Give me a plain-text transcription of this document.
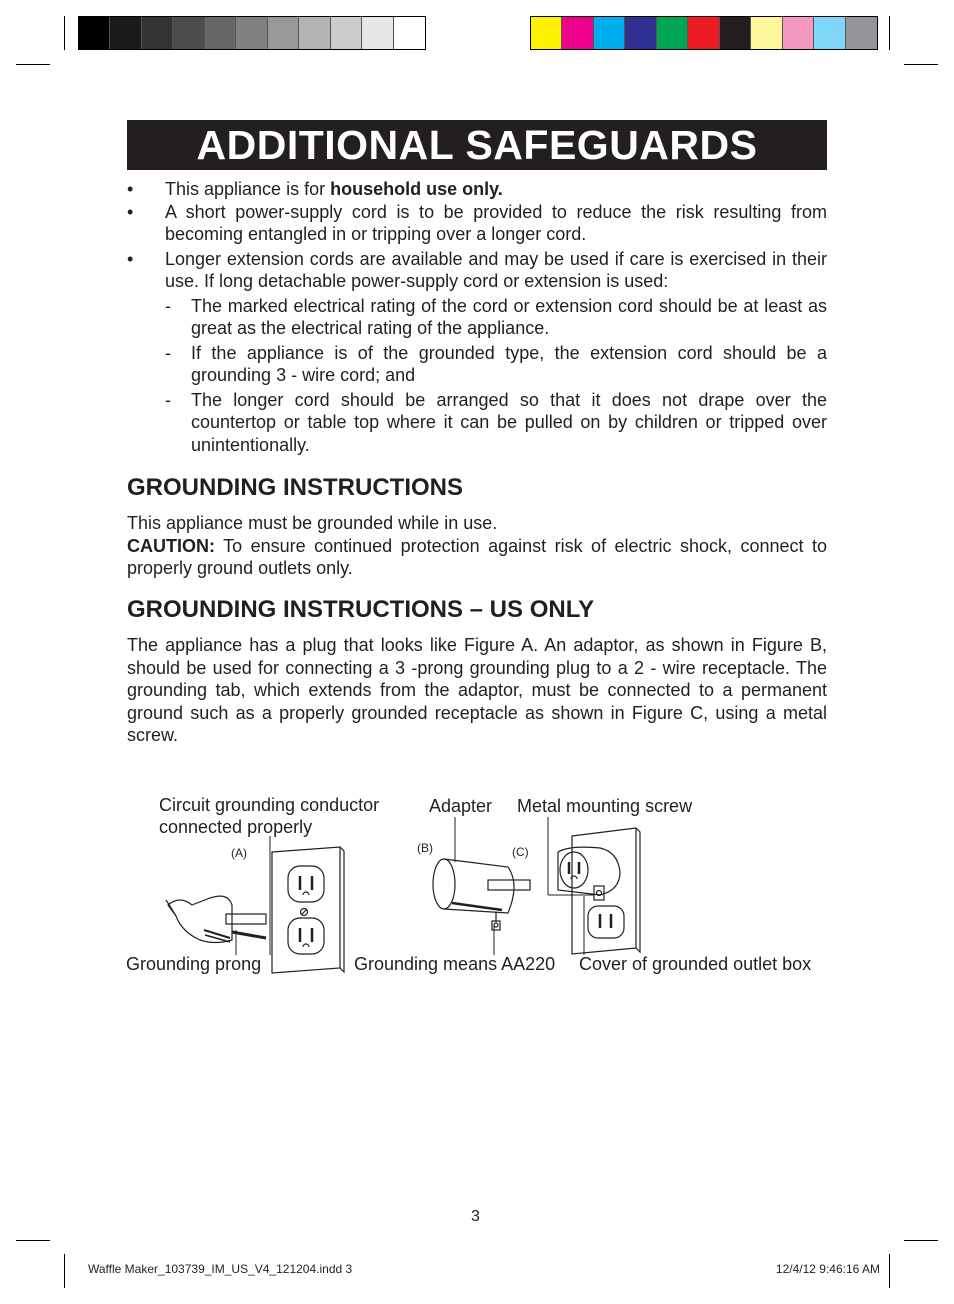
ADDITIONAL SAFEGUARDS
• This appliance is for household use only.
• A short power-supply cord is to be provided to reduce the risk resulting from becoming entangled in or tripping over a longer cord.
• Longer extension cords are available and may be used if care is exercised in their use. If long detachable power-supply cord or extension is used:
- The marked electrical rating of the cord or extension cord should be at least as great as the electrical rating of the appliance.
- If the appliance is of the grounded type, the extension cord should be a grounding 3 - wire cord; and
- The longer cord should be arranged so that it does not drape over the countertop or table top where it can be pulled on by children or tripped over unintentionally.
GROUNDING INSTRUCTIONS
This appliance must be grounded while in use.
CAUTION: To ensure continued protection against risk of electric shock, connect to properly ground outlets only.
GROUNDING INSTRUCTIONS – US ONLY
The appliance has a plug that looks like Figure A. An adaptor, as shown in Figure B, should be used for connecting a 3 -prong grounding plug to a 2 - wire receptacle. The grounding tab, which extends from the adaptor, must be connected to a permanent ground such as a properly grounded receptacle as shown in Figure C, using a metal screw.
Circuit grounding conductor
connected properly
Adapter Metal mounting screw
(A)	(B)	(C)
Grounding prong	Grounding means AA220 Cover of grounded outlet box
3
Waffle Maker_103739_IM_US_V4_121204.indd 3	12/4/12 9:46:16 AM
